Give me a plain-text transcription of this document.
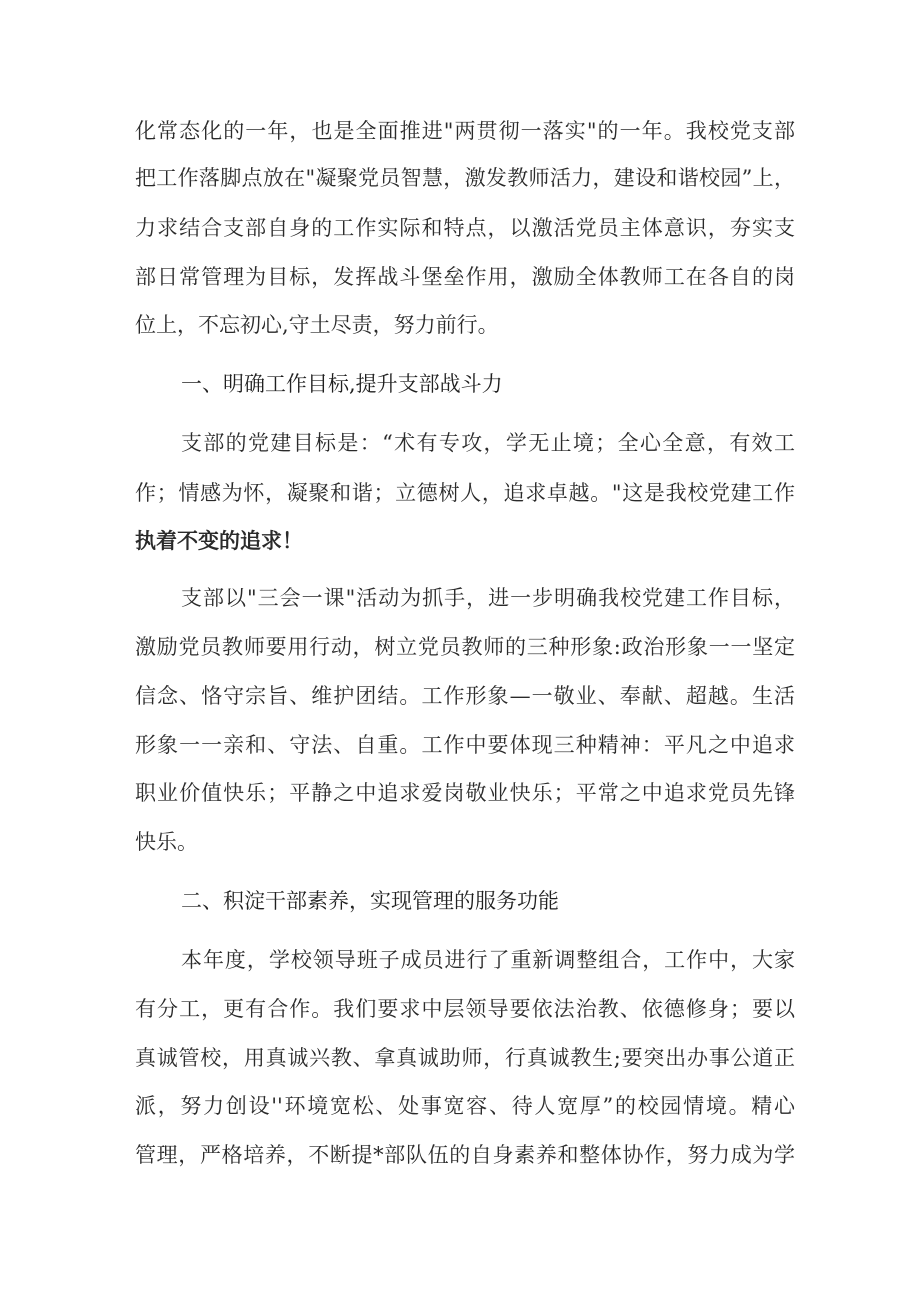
化常态化的一年，也是全面推进"两贯彻一落实"的一年。我校党支部
把工作落脚点放在"凝聚党员智慧，激发教师活力，建设和谐校园”上，
力求结合支部自身的工作实际和特点，以激活党员主体意识，夯实支
部日常管理为目标，发挥战斗堡垒作用，激励全体教师工在各自的岗
位上，不忘初心,守土尽责，努力前行。
一、明确工作目标,提升支部战斗力
支部的党建目标是：“术有专攻，学无止境；全心全意，有效工
作；情感为怀，凝聚和谐；立德树人，追求卓越。"这是我校党建工作
执着不变的追求！
支部以"三会一课"活动为抓手，进一步明确我校党建工作目标，
激励党员教师要用行动，树立党员教师的三种形象:政治形象一一坚定
信念、恪守宗旨、维护团结。工作形象—一敬业、奉献、超越。生活
形象一一亲和、守法、自重。工作中要体现三种精神：平凡之中追求
职业价值快乐；平静之中追求爱岗敬业快乐；平常之中追求党员先锋
快乐。
二、积淀干部素养，实现管理的服务功能
本年度，学校领导班子成员进行了重新调整组合，工作中，大家
有分工，更有合作。我们要求中层领导要依法治教、依德修身；要以
真诚管校，用真诚兴教、拿真诚助师，行真诚教生;要突出办事公道正
派，努力创设''环境宽松、处事宽容、待人宽厚”的校园情境。精心
管理，严格培养，不断提*部队伍的自身素养和整体协作，努力成为学
